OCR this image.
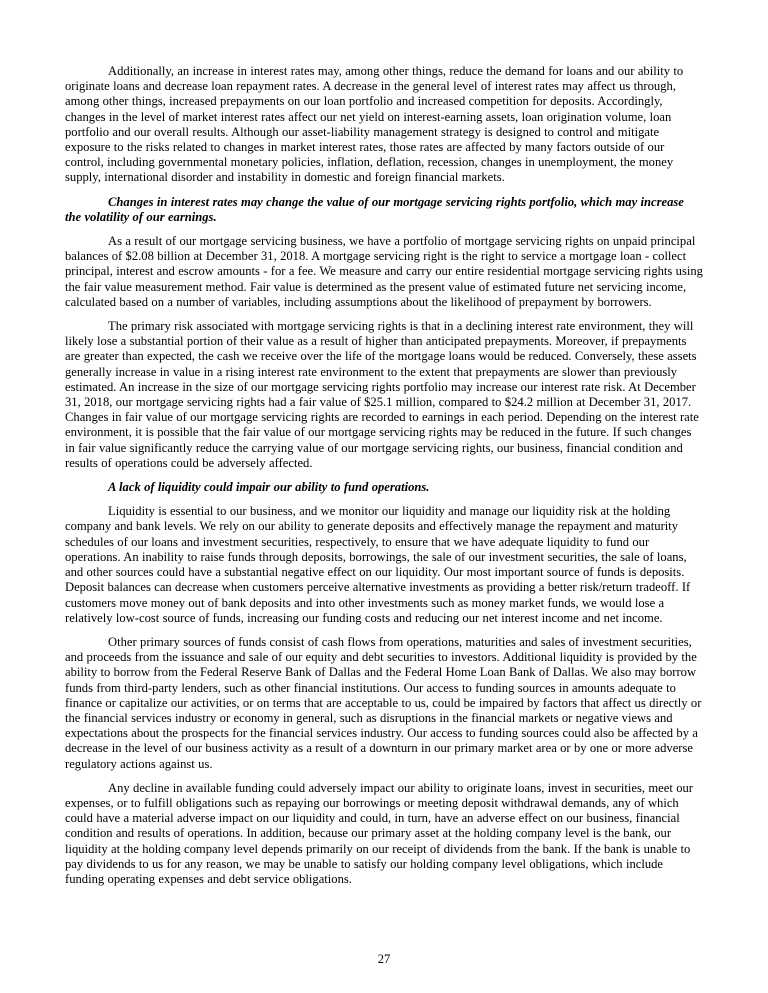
Additionally, an increase in interest rates may, among other things, reduce the demand for loans and our ability to originate loans and decrease loan repayment rates. A decrease in the general level of interest rates may affect us through, among other things, increased prepayments on our loan portfolio and increased competition for deposits. Accordingly, changes in the level of market interest rates affect our net yield on interest-earning assets, loan origination volume, loan portfolio and our overall results. Although our asset-liability management strategy is designed to control and mitigate exposure to the risks related to changes in market interest rates, those rates are affected by many factors outside of our control, including governmental monetary policies, inflation, deflation, recession, changes in unemployment, the money supply, international disorder and instability in domestic and foreign financial markets.

Changes in interest rates may change the value of our mortgage servicing rights portfolio, which may increase the volatility of our earnings.

As a result of our mortgage servicing business, we have a portfolio of mortgage servicing rights on unpaid principal balances of $2.08 billion at December 31, 2018. A mortgage servicing right is the right to service a mortgage loan - collect principal, interest and escrow amounts - for a fee. We measure and carry our entire residential mortgage servicing rights using the fair value measurement method. Fair value is determined as the present value of estimated future net servicing income, calculated based on a number of variables, including assumptions about the likelihood of prepayment by borrowers.

The primary risk associated with mortgage servicing rights is that in a declining interest rate environment, they will likely lose a substantial portion of their value as a result of higher than anticipated prepayments. Moreover, if prepayments are greater than expected, the cash we receive over the life of the mortgage loans would be reduced. Conversely, these assets generally increase in value in a rising interest rate environment to the extent that prepayments are slower than previously estimated. An increase in the size of our mortgage servicing rights portfolio may increase our interest rate risk. At December 31, 2018, our mortgage servicing rights had a fair value of $25.1 million, compared to $24.2 million at December 31, 2017. Changes in fair value of our mortgage servicing rights are recorded to earnings in each period. Depending on the interest rate environment, it is possible that the fair value of our mortgage servicing rights may be reduced in the future. If such changes in fair value significantly reduce the carrying value of our mortgage servicing rights, our business, financial condition and results of operations could be adversely affected.

A lack of liquidity could impair our ability to fund operations.

Liquidity is essential to our business, and we monitor our liquidity and manage our liquidity risk at the holding company and bank levels. We rely on our ability to generate deposits and effectively manage the repayment and maturity schedules of our loans and investment securities, respectively, to ensure that we have adequate liquidity to fund our operations. An inability to raise funds through deposits, borrowings, the sale of our investment securities, the sale of loans, and other sources could have a substantial negative effect on our liquidity. Our most important source of funds is deposits. Deposit balances can decrease when customers perceive alternative investments as providing a better risk/return tradeoff. If customers move money out of bank deposits and into other investments such as money market funds, we would lose a relatively low-cost source of funds, increasing our funding costs and reducing our net interest income and net income.

Other primary sources of funds consist of cash flows from operations, maturities and sales of investment securities, and proceeds from the issuance and sale of our equity and debt securities to investors. Additional liquidity is provided by the ability to borrow from the Federal Reserve Bank of Dallas and the Federal Home Loan Bank of Dallas. We also may borrow funds from third-party lenders, such as other financial institutions. Our access to funding sources in amounts adequate to finance or capitalize our activities, or on terms that are acceptable to us, could be impaired by factors that affect us directly or the financial services industry or economy in general, such as disruptions in the financial markets or negative views and expectations about the prospects for the financial services industry. Our access to funding sources could also be affected by a decrease in the level of our business activity as a result of a downturn in our primary market area or by one or more adverse regulatory actions against us.

Any decline in available funding could adversely impact our ability to originate loans, invest in securities, meet our expenses, or to fulfill obligations such as repaying our borrowings or meeting deposit withdrawal demands, any of which could have a material adverse impact on our liquidity and could, in turn, have an adverse effect on our business, financial condition and results of operations. In addition, because our primary asset at the holding company level is the bank, our liquidity at the holding company level depends primarily on our receipt of dividends from the bank. If the bank is unable to pay dividends to us for any reason, we may be unable to satisfy our holding company level obligations, which include funding operating expenses and debt service obligations.

27
